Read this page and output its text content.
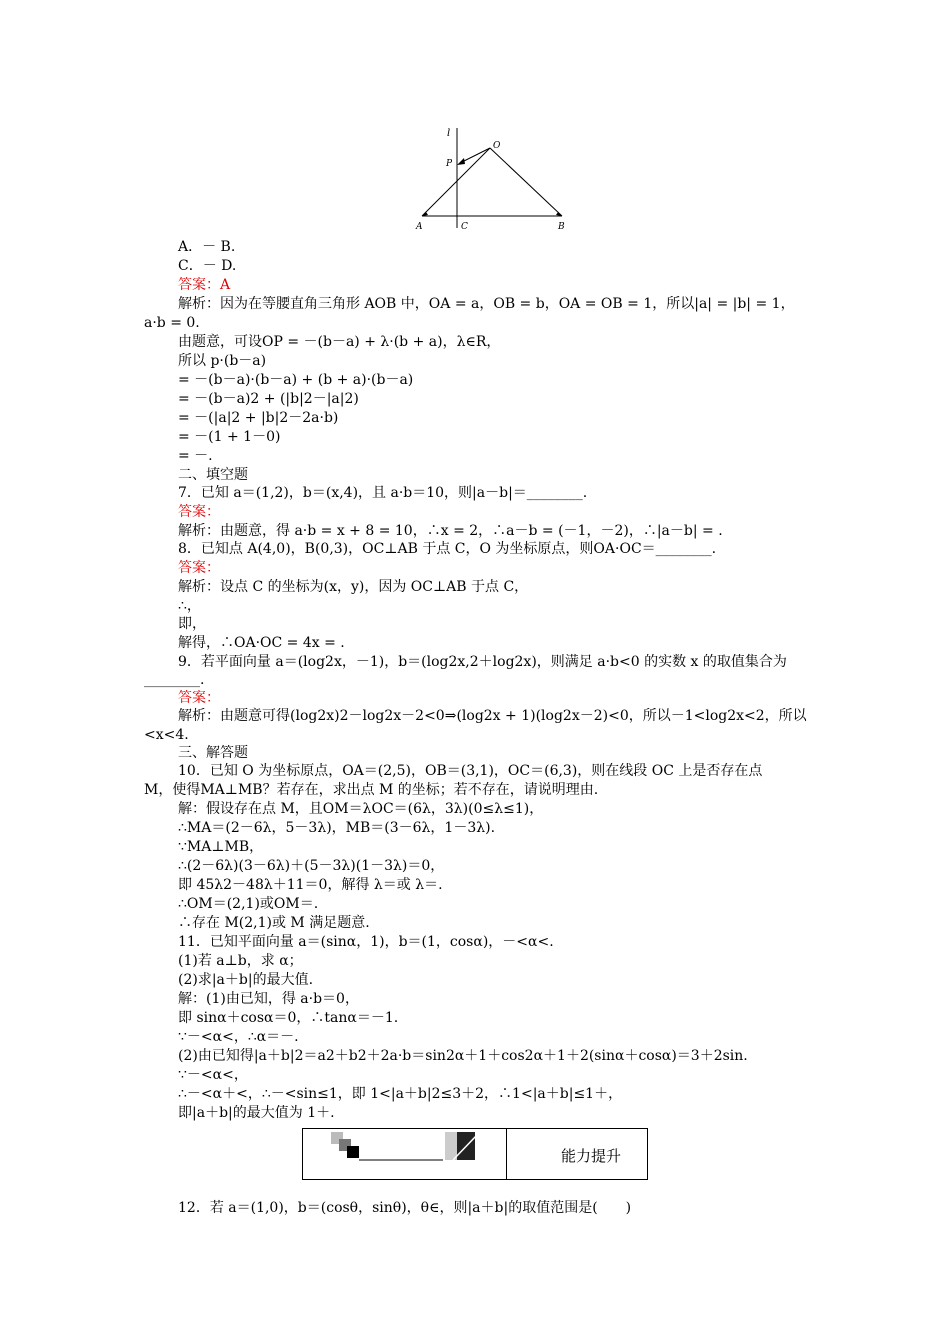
l
O
P
A	C	B
A．－ B.
C．－ D.
答案：A
解析：因为在等腰直角三角形 AOB 中，OA = a，OB = b，OA = OB = 1，所以|a| = |b| = 1，
a·b = 0.
由题意，可设OP = －(b－a) + λ·(b + a)，λ∈R，
所以 p·(b－a)
= －(b－a)·(b－a) + (b + a)·(b－a)
= －(b－a)2 + (|b|2－|a|2)
= －(|a|2 + |b|2－2a·b)
= －(1 + 1－0)
= －.
二、填空题
7．已知 a＝(1,2)，b＝(x,4)，且 a·b＝10，则|a－b|＝________.
答案：
解析：由题意，得 a·b = x + 8 = 10，∴x = 2，∴a－b = (－1，－2)，∴|a－b| = .
8．已知点 A(4,0)，B(0,3)，OC⊥AB 于点 C，O 为坐标原点，则OA·OC＝________.
答案：
解析：设点 C 的坐标为(x，y)，因为 OC⊥AB 于点 C，
∴，
即，
解得，∴OA·OC = 4x = .
9．若平面向量 a＝(log2x，－1)，b＝(log2x,2＋log2x)，则满足 a·b<0 的实数 x 的取值集合为
________.
答案：
解析：由题意可得(log2x)2－log2x－2<0⇒(log2x + 1)(log2x－2)<0，所以－1<log2x<2，所以
<x<4.
三、解答题
10．已知 O 为坐标原点，OA＝(2,5)，OB＝(3,1)，OC＝(6,3)，则在线段 OC 上是否存在点
M，使得MA⊥MB？若存在，求出点 M 的坐标；若不存在，请说明理由.
解：假设存在点 M，且OM＝λOC＝(6λ，3λ)(0≤λ≤1)，
∴MA＝(2－6λ，5－3λ)，MB＝(3－6λ，1－3λ).
∵MA⊥MB，
∴(2－6λ)(3－6λ)＋(5－3λ)(1－3λ)＝0，
即 45λ2－48λ＋11＝0，解得 λ＝或 λ＝.
∴OM＝(2,1)或OM＝.
∴存在 M(2,1)或 M 满足题意.
11．已知平面向量 a＝(sinα，1)，b＝(1，cosα)，－<α<.
(1)若 a⊥b，求 α；
(2)求|a＋b|的最大值.
解：(1)由已知，得 a·b＝0，
即 sinα＋cosα＝0，∴tanα＝－1.
∵－<α<，∴α＝－.
(2)由已知得|a＋b|2＝a2＋b2＋2a·b＝sin2α＋1＋cos2α＋1＋2(sinα＋cosα)＝3＋2sin.
∵－<α<，
∴－<α＋<，∴－<sin≤1，即 1<|a＋b|2≤3＋2，∴1<|a＋b|≤1＋，
即|a＋b|的最大值为 1＋.
能力提升
12．若 a＝(1,0)，b＝(cosθ，sinθ)，θ∈，则|a＋b|的取值范围是(　　)
